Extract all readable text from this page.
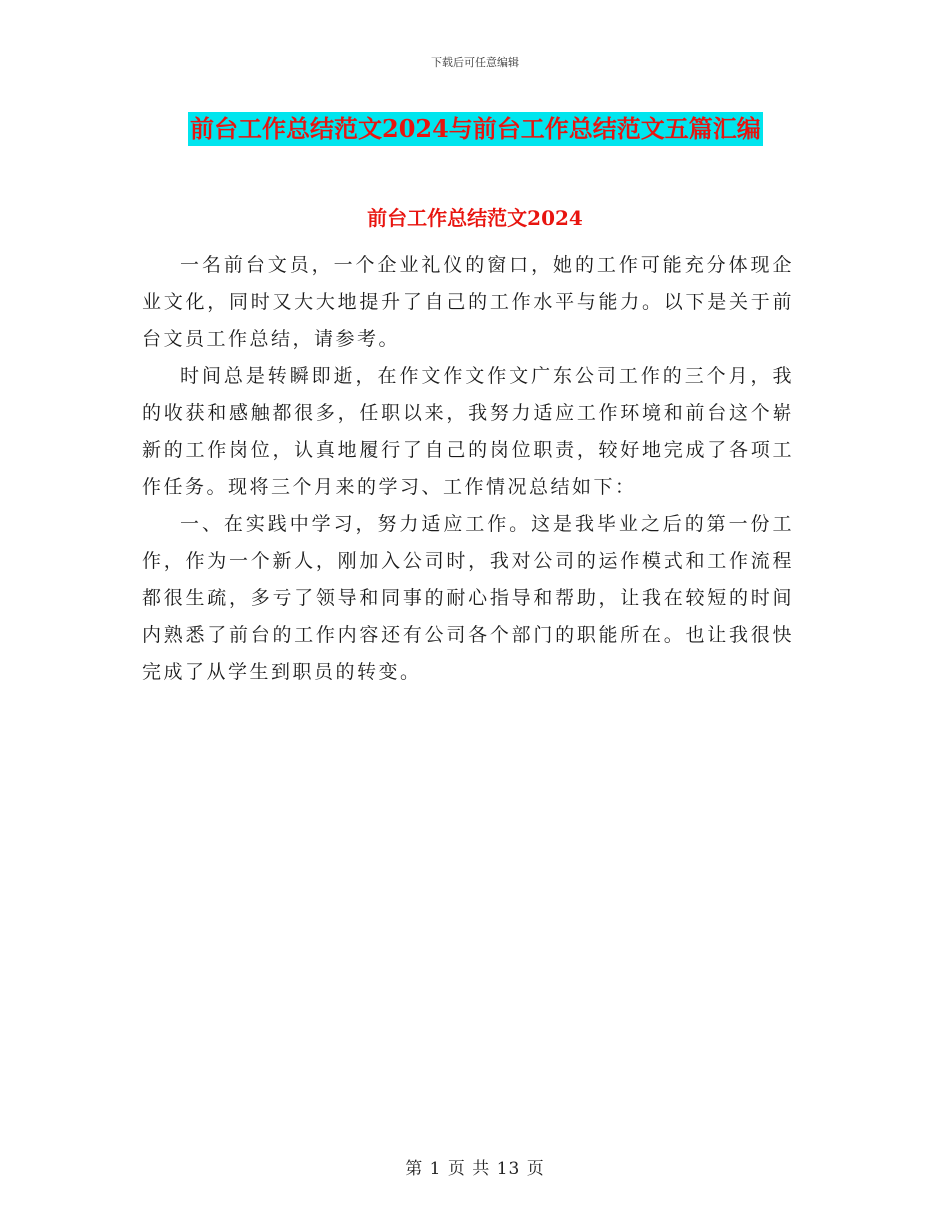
下载后可任意编辑
前台工作总结范文2024与前台工作总结范文五篇汇编
前台工作总结范文2024

一名前台文员，一个企业礼仪的窗口，她的工作可能充分体现企业文化，同时又大大地提升了自己的工作水平与能力。以下是关于前台文员工作总结，请参考。

时间总是转瞬即逝，在作文作文作文广东公司工作的三个月，我的收获和感触都很多，任职以来，我努力适应工作环境和前台这个崭新的工作岗位，认真地履行了自己的岗位职责，较好地完成了各项工作任务。现将三个月来的学习、工作情况总结如下：

一、在实践中学习，努力适应工作。这是我毕业之后的第一份工作，作为一个新人，刚加入公司时，我对公司的运作模式和工作流程都很生疏，多亏了领导和同事的耐心指导和帮助，让我在较短的时间内熟悉了前台的工作内容还有公司各个部门的职能所在。也让我很快完成了从学生到职员的转变。

第 1 页 共 13 页
